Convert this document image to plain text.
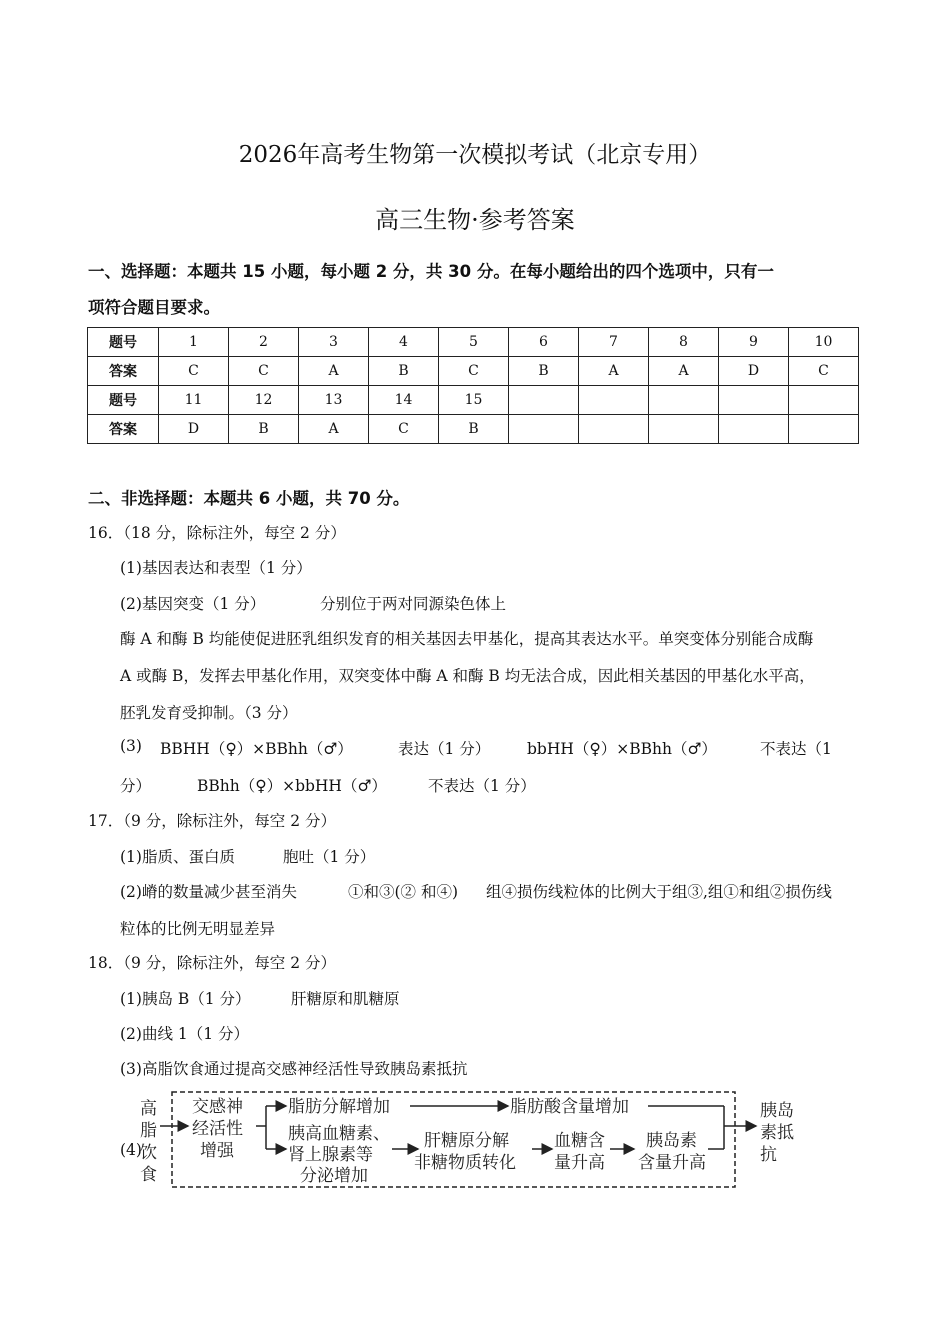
2026年高考生物第一次模拟考试（北京专用）
高三生物·参考答案
一、选择题：本题共 15 小题，每小题 2 分，共 30 分。在每小题给出的四个选项中，只有一
项符合题目要求。
题号	1	2	3	4	5	6	7	8	9	10
答案	C	C	A	B	C	B	A	A	D	C
题号	11	12	13	14	15					
答案	D	B	A	C	B					
二、非选择题：本题共 6 小题，共 70 分。
16．（18 分，除标注外，每空 2 分）
(1)基因表达和表型（1 分）
(2)基因突变（1 分）	分别位于两对同源染色体上
酶 A 和酶 B 均能使促进胚乳组织发育的相关基因去甲基化，提高其表达水平。单突变体分别能合成酶
A 或酶 B，发挥去甲基化作用，双突变体中酶 A 和酶 B 均无法合成，因此相关基因的甲基化水平高，
胚乳发育受抑制。（3 分）
(3) BBHH（♀）×BBhh（♂）	表达（1 分） bbHH（♀）×BBhh（♂）	不表达（1
分）	BBhh（♀）×bbHH（♂）	不表达（1 分）
17．（9 分，除标注外，每空 2 分）
(1)脂质、蛋白质	胞吐（1 分）
(2)嵴的数量减少甚至消失	①和③(② 和④) 组④损伤线粒体的比例大于组③,组①和组②损伤线
粒体的比例无明显差异
18．（9 分，除标注外，每空 2 分）
(1)胰岛 B（1 分）	肝糖原和肌糖原
(2)曲线 1（1 分）
(3)高脂饮食通过提高交感神经活性导致胰岛素抵抗
(4)
高
脂
饮
食
交感神
经活性
增强
脂肪分解增加	脂肪酸含量增加
胰高血糖素、
肾上腺素等
分泌增加
肝糖原分解
非糖物质转化
血糖含
量升高
胰岛素
含量升高
胰岛
素抵
抗
